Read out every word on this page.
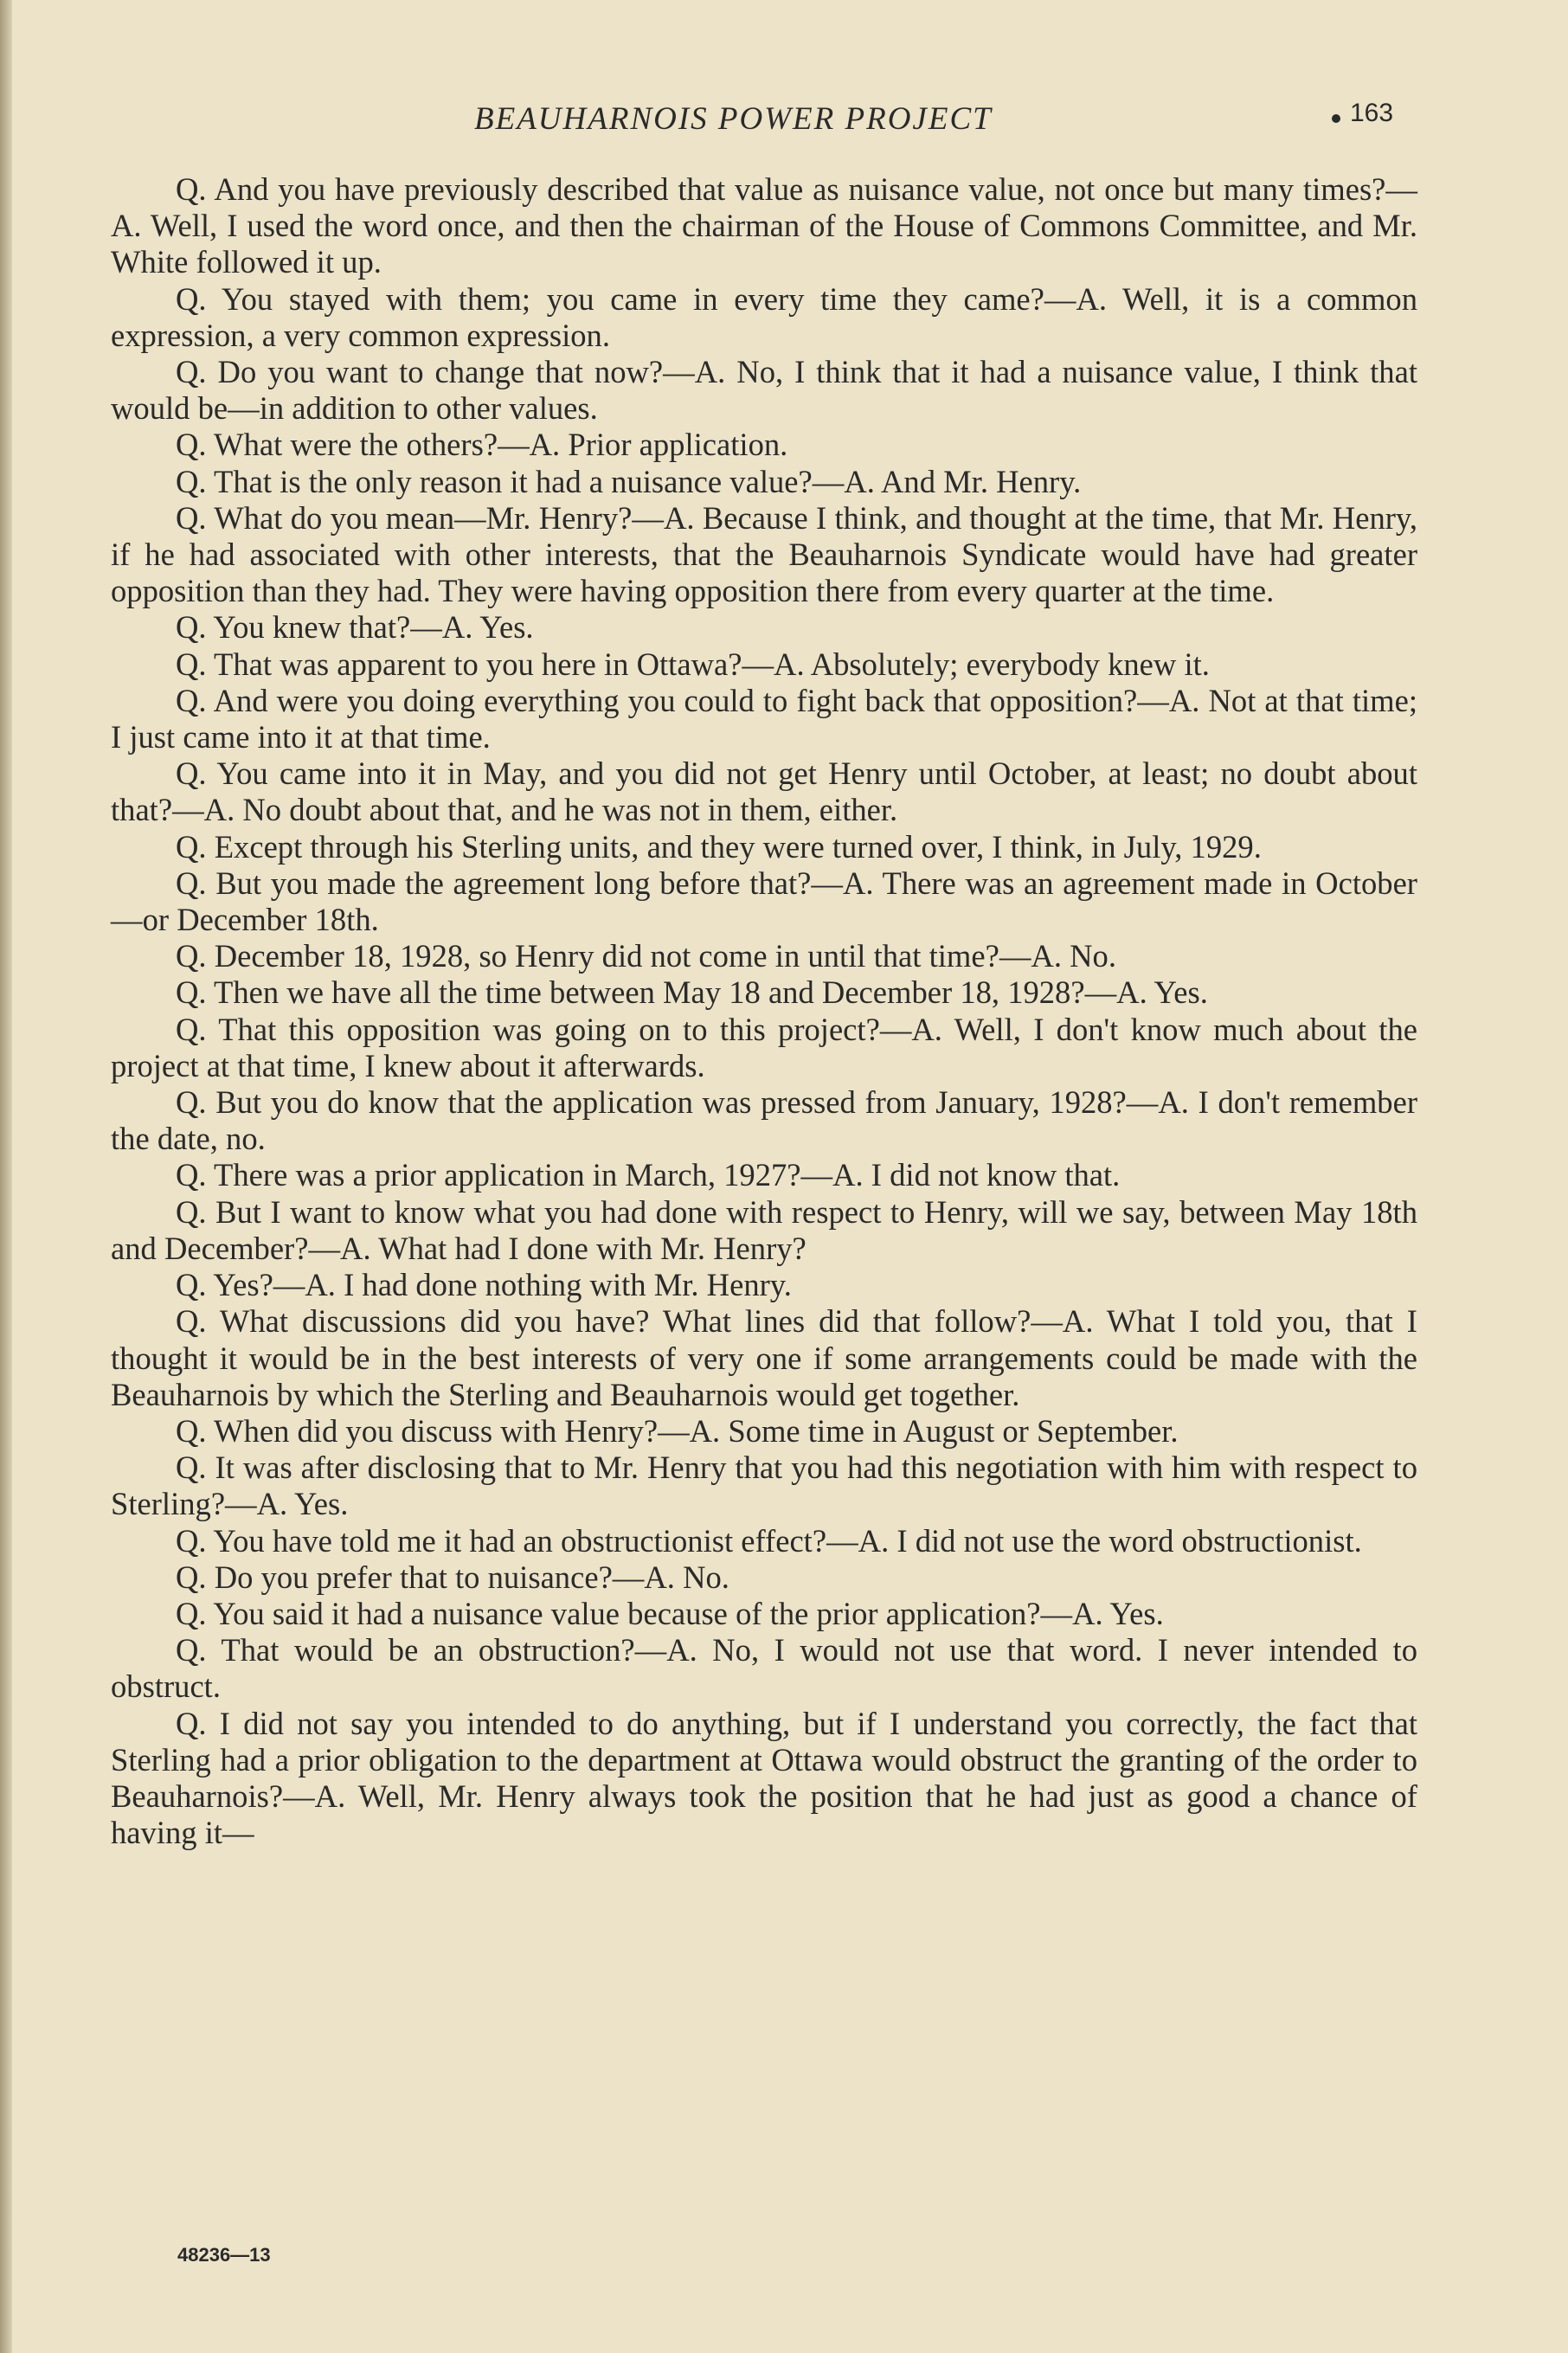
BEAUHARNOIS POWER PROJECT	163

Q. And you have previously described that value as nuisance value, not once but many times?—A. Well, I used the word once, and then the chairman of the House of Commons Committee, and Mr. White followed it up.

Q. You stayed with them; you came in every time they came?—A. Well, it is a common expression, a very common expression.

Q. Do you want to change that now?—A. No, I think that it had a nuisance value, I think that would be—in addition to other values.

Q. What were the others?—A. Prior application.

Q. That is the only reason it had a nuisance value?—A. And Mr. Henry.

Q. What do you mean—Mr. Henry?—A. Because I think, and thought at the time, that Mr. Henry, if he had associated with other interests, that the Beauharnois Syndicate would have had greater opposition than they had. They were having opposition there from every quarter at the time.

Q. You knew that?—A. Yes.

Q. That was apparent to you here in Ottawa?—A. Absolutely; everybody knew it.

Q. And were you doing everything you could to fight back that opposition?—A. Not at that time; I just came into it at that time.

Q. You came into it in May, and you did not get Henry until October, at least; no doubt about that?—A. No doubt about that, and he was not in them, either.

Q. Except through his Sterling units, and they were turned over, I think, in July, 1929.

Q. But you made the agreement long before that?—A. There was an agreement made in October—or December 18th.

Q. December 18, 1928, so Henry did not come in until that time?—A. No.

Q. Then we have all the time between May 18 and December 18, 1928?—A. Yes.

Q. That this opposition was going on to this project?—A. Well, I don't know much about the project at that time, I knew about it afterwards.

Q. But you do know that the application was pressed from January, 1928?—A. I don't remember the date, no.

Q. There was a prior application in March, 1927?—A. I did not know that.

Q. But I want to know what you had done with respect to Henry, will we say, between May 18th and December?—A. What had I done with Mr. Henry?

Q. Yes?—A. I had done nothing with Mr. Henry.

Q. What discussions did you have? What lines did that follow?—A. What I told you, that I thought it would be in the best interests of very one if some arrangements could be made with the Beauharnois by which the Sterling and Beauharnois would get together.

Q. When did you discuss with Henry?—A. Some time in August or September.

Q. It was after disclosing that to Mr. Henry that you had this negotiation with him with respect to Sterling?—A. Yes.

Q. You have told me it had an obstructionist effect?—A. I did not use the word obstructionist.

Q. Do you prefer that to nuisance?—A. No.

Q. You said it had a nuisance value because of the prior application?—A. Yes.

Q. That would be an obstruction?—A. No, I would not use that word. I never intended to obstruct.

Q. I did not say you intended to do anything, but if I understand you correctly, the fact that Sterling had a prior obligation to the department at Ottawa would obstruct the granting of the order to Beauharnois?—A. Well, Mr. Henry always took the position that he had just as good a chance of having it—

48236—13
